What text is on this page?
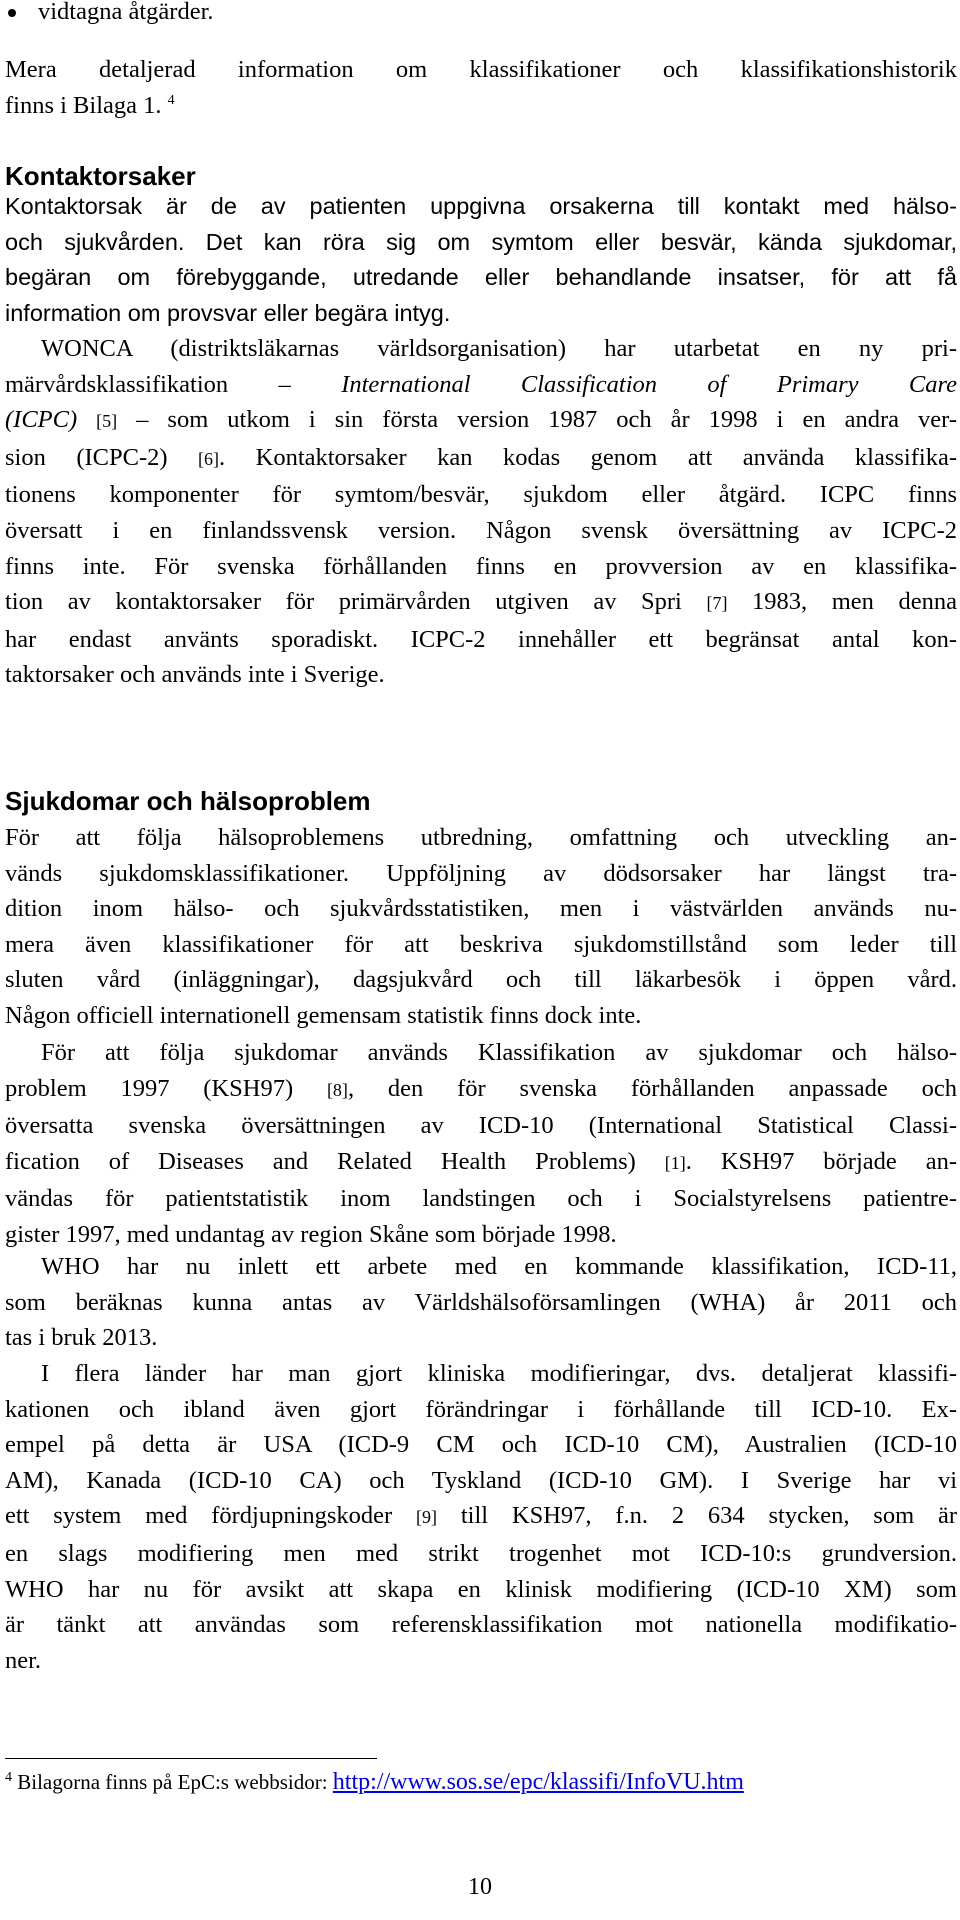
vidtagna åtgärder.
Mera detaljerad information om klassifikationer och klassifikationshistorik
finns i Bilaga 1. $^4$
Kontaktorsaker
Kontaktorsak är de av patienten uppgivna orsakerna till kontakt med hälso-
och sjukvården. Det kan röra sig om symtom eller besvär, kända sjukdomar,
begäran om förebyggande, utredande eller behandlande insatser, för att få
information om provsvar eller begära intyg.
WONCA (distriktsläkarnas världsorganisation) har utarbetat en ny pri-
märvårdsklassifikation – International Classification of Primary Care
(ICPC) [5] – som utkom i sin första version 1987 och år 1998 i en andra ver-
sion (ICPC-2) [6]. Kontaktorsaker kan kodas genom att använda klassifika-
tionens komponenter för symtom/besvär, sjukdom eller åtgärd. ICPC finns
översatt i en finlandssvensk version. Någon svensk översättning av ICPC-2
finns inte. För svenska förhållanden finns en provversion av en klassifika-
tion av kontaktorsaker för primärvården utgiven av Spri [7] 1983, men denna
har endast använts sporadiskt. ICPC-2 innehåller ett begränsat antal kon-
taktorsaker och används inte i Sverige.
Sjukdomar och hälsoproblem
För att följa hälsoproblemens utbredning, omfattning och utveckling an-
vänds sjukdomsklassifikationer. Uppföljning av dödsorsaker har längst tra-
dition inom hälso- och sjukvårdsstatistiken, men i västvärlden används nu-
mera även klassifikationer för att beskriva sjukdomstillstånd som leder till
sluten vård (inläggningar), dagsjukvård och till läkarbesök i öppen vård.
Någon officiell internationell gemensam statistik finns dock inte.
För att följa sjukdomar används Klassifikation av sjukdomar och hälso-
problem 1997 (KSH97) [8], den för svenska förhållanden anpassade och
översatta svenska översättningen av ICD-10 (International Statistical Classi-
fication of Diseases and Related Health Problems) [1]. KSH97 började an-
vändas för patientstatistik inom landstingen och i Socialstyrelsens patientre-
gister 1997, med undantag av region Skåne som började 1998.
WHO har nu inlett ett arbete med en kommande klassifikation, ICD-11,
som beräknas kunna antas av Världshälsoförsamlingen (WHA) år 2011 och
tas i bruk 2013.
I flera länder har man gjort kliniska modifieringar, dvs. detaljerat klassifi-
kationen och ibland även gjort förändringar i förhållande till ICD-10. Ex-
empel på detta är USA (ICD-9 CM och ICD-10 CM), Australien (ICD-10
AM), Kanada (ICD-10 CA) och Tyskland (ICD-10 GM). I Sverige har vi
ett system med fördjupningskoder [9] till KSH97, f.n. 2 634 stycken, som är
en slags modifiering men med strikt trogenhet mot ICD-10:s grundversion.
WHO har nu för avsikt att skapa en klinisk modifiering (ICD-10 XM) som
är tänkt att användas som referensklassifikation mot nationella modifikatio-
ner.
$^4$ Bilagorna finns på EpC:s webbsidor: http://www.sos.se/epc/klassifi/InfoVU.htm
10
